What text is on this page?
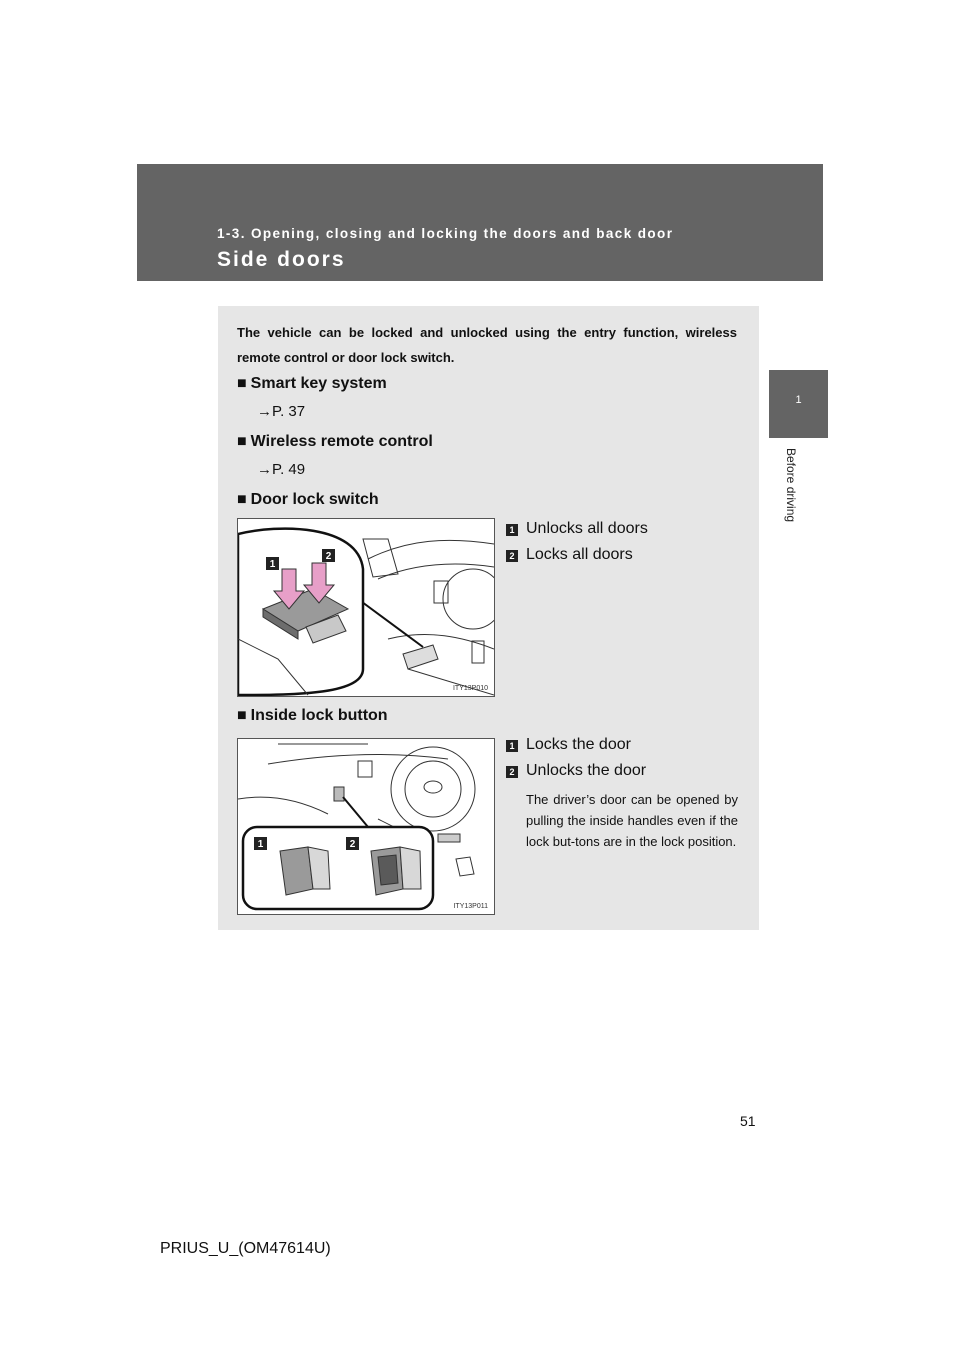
1-3. Opening, closing and locking the doors and back door
Side doors
1
Before driving
The vehicle can be locked and unlocked using the entry function, wireless remote control or door lock switch.
■ Smart key system
→P. 37
■ Wireless remote control
→P. 49
■ Door lock switch
1
2
ITY13P010
1 Unlocks all doors
2 Locks all doors
■ Inside lock button
1	2
ITY13P011
1 Locks the door
2 Unlocks the door
The driver’s door can be opened by pulling the inside handles even if the lock but-tons are in the lock position.
51
PRIUS_U_(OM47614U)
